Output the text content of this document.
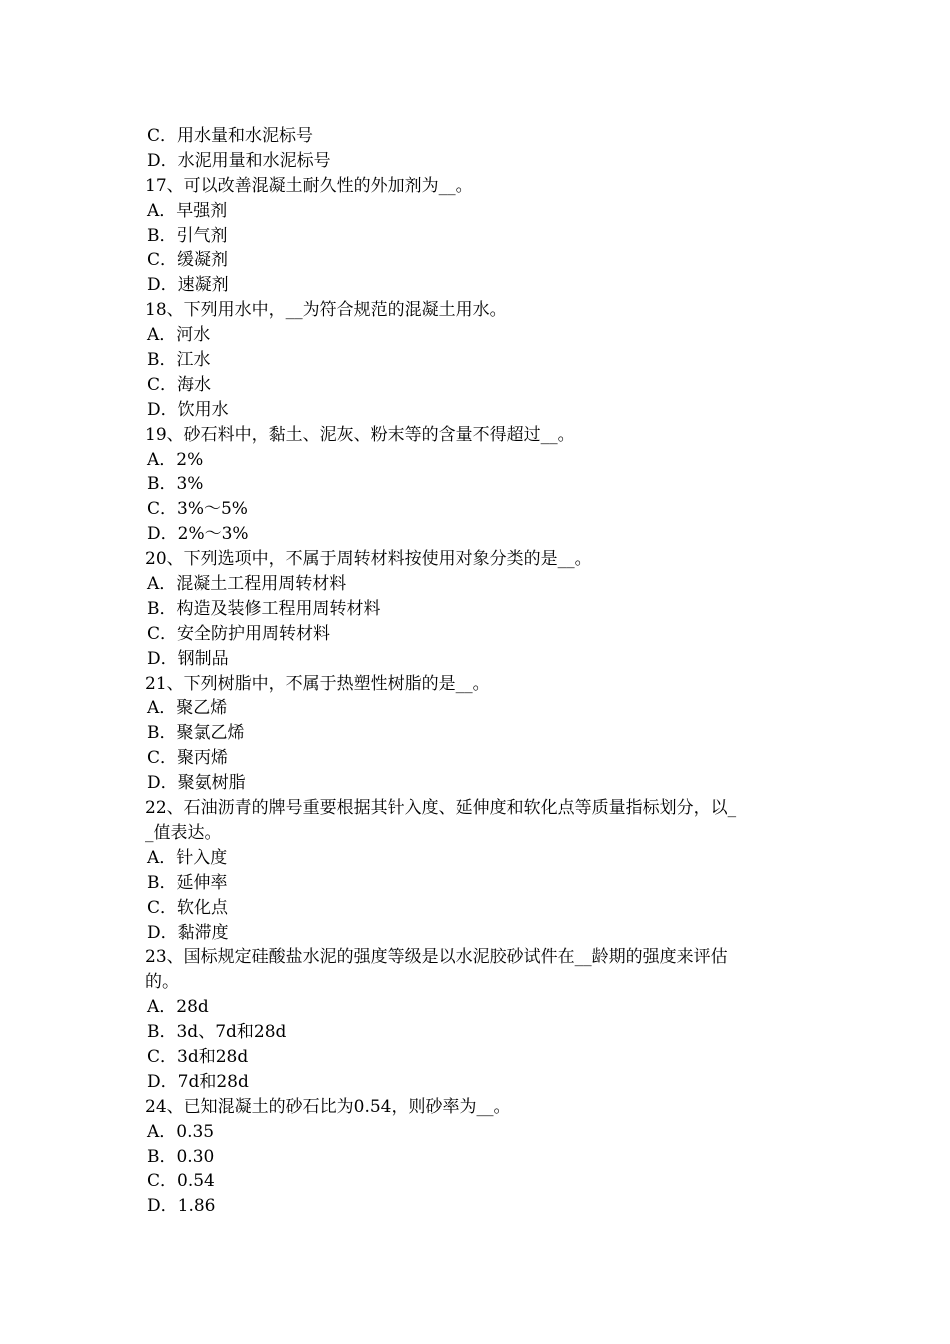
C．用水量和水泥标号
D．水泥用量和水泥标号
17、可以改善混凝土耐久性的外加剂为__。
A．早强剂
B．引气剂
C．缓凝剂
D．速凝剂
18、下列用水中，__为符合规范的混凝土用水。
A．河水
B．江水
C．海水
D．饮用水
19、砂石料中，黏土、泥灰、粉末等的含量不得超过__。
A．2%
B．3%
C．3%～5%
D．2%～3%
20、下列选项中，不属于周转材料按使用对象分类的是__。
A．混凝土工程用周转材料
B．构造及装修工程用周转材料
C．安全防护用周转材料
D．钢制品
21、下列树脂中，不属于热塑性树脂的是__。
A．聚乙烯
B．聚氯乙烯
C．聚丙烯
D．聚氨树脂
22、石油沥青的牌号重要根据其针入度、延伸度和软化点等质量指标划分，以_
_值表达。
A．针入度
B．延伸率
C．软化点
D．黏滞度
23、国标规定硅酸盐水泥的强度等级是以水泥胶砂试件在__龄期的强度来评估
的。
A．28d
B．3d、7d和28d
C．3d和28d
D．7d和28d
24、已知混凝土的砂石比为0.54，则砂率为__。
A．0.35
B．0.30
C．0.54
D．1.86
